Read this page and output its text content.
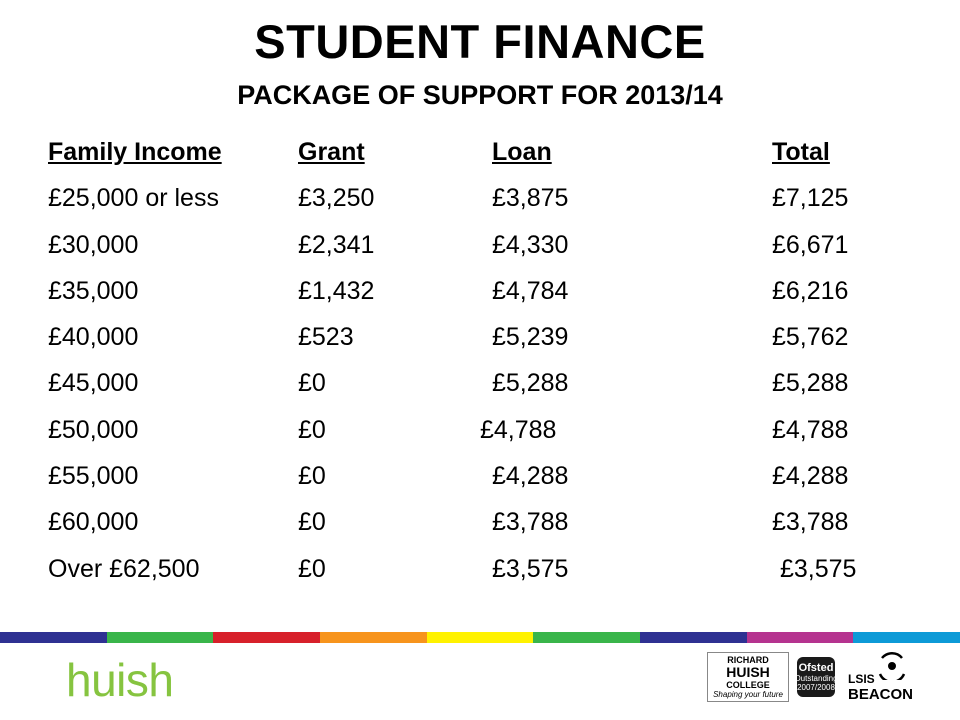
STUDENT FINANCE
PACKAGE OF SUPPORT FOR 2013/14
Family Income	Grant	Loan	Total
£25,000 or less	£3,250	£3,875	£7,125
£30,000	£2,341	£4,330	£6,671
£35,000	£1,432	£4,784	£6,216
£40,000	£523	£5,239	£5,762
£45,000	£0	£5,288	£5,288
£50,000	£0	£4,788	£4,788
£55,000	£0	£4,288	£4,288
£60,000	£0	£3,788	£3,788
Over £62,500	£0	£3,575	£3,575
huish	RICHARD
HUISH
COLLEGE
Shaping your future
Ofsted
Outstanding
2007/2008
LSIS
BEACON
